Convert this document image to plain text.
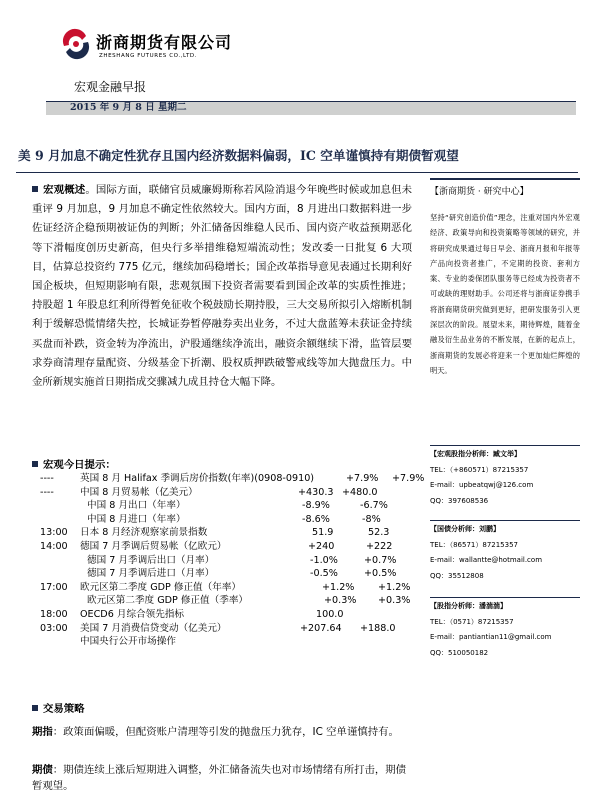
浙商期货有限公司
ZHESHANG FUTURES CO.,LTD.
宏观金融早报
2015 年 9 月 8 日 星期二
美 9 月加息不确定性犹存且国内经济数据料偏弱，IC 空单谨慎持有期债暂观望
宏观概述。国际方面，联储官员威廉姆斯称若风险消退今年晚些时候或加息但未重评 9 月加息，9 月加息不确定性依然较大。国内方面，8 月进出口数据料进一步佐证经济企稳预期被证伪的判断；外汇储备因维稳人民币、国内资产收益预期恶化等下滑幅度创历史新高，但央行多举措维稳短端流动性；发改委一日批复 6 大项目，估算总投资约 775 亿元，继续加码稳增长；国企改革指导意见表通过长期利好国企板块，但短期影响有限，悲观氛围下投资者需要看到国企改革的实质性推进；持股超 1 年股息红利所得暂免征收个税鼓励长期持股，三大交易所拟引入熔断机制利于缓解恐慌情绪失控，长城证券暂停融券卖出业务，不过大盘蓝筹未获证金持续买盘而补跌，资金转为净流出，沪股通继续净流出，融资余额继续下滑，监管层要求券商清理存量配资、分级基金下折潮、股权质押跌破警戒线等加大抛盘压力。中金所新规实施首日期指成交骤减九成且持仓大幅下降。
宏观今日提示：
----	英国 8 月 Halifax 季调后房价指数(年率)(0908-0910)	+7.9% +7.9%
----	中国 8 月贸易帐（亿美元）	+430.3 +480.0
中国 8 月出口（年率）	-8.9%	-6.7%
中国 8 月进口（年率）	-8.6%	-8%
13:00 日本 8 月经济观察家前景指数	51.9	52.3
14:00 德国 7 月季调后贸易帐（亿欧元）	+240	+222
德国 7 月季调后出口（月率）	-1.0%	+0.7%
德国 7 月季调后进口（月率）	-0.5%	+0.5%
17:00 欧元区第二季度 GDP 修正值（年率）	+1.2% +1.2%
欧元区第二季度 GDP 修正值（季率）	+0.3% +0.3%
18:00 OECD6 月综合领先指标	100.0
03:00 美国 7 月消费信贷变动（亿美元）	+207.64 +188.0
中国央行公开市场操作
交易策略
期指：政策面偏暖，但配资账户清理等引发的抛盘压力犹存，IC 空单谨慎持有。
期债：期债连续上涨后短期进入调整，外汇储备流失也对市场情绪有所打击，期债暂观望。
【浙商期货 · 研究中心】
坚持“研究创造价值”理念，注重对国内外宏观经济、政策导向和投资策略等领域的研究，并将研究成果通过每日早会、浙商月报和年报等产品向投资者推广，不定期的投资、套利方案、专业的委保团队服务等已经成为投资者不可或缺的理财助手。公司还将与浙商证券携手将浙商期货研究做到更好，把研发服务引入更深层次的阶段。展望未来，期待辉煌，随着金融及衍生品业务的不断发展，在新的起点上，浙商期货的发展必将迎来一个更加灿烂辉煌的明天。
【宏观股指分析师：臧文举】
TEL：（+860571）87215357
E-mail：upbeatqwj@126.com
QQ：397608536
【国债分析师：刘鹏】
TEL：（86571）87215357
E-mail：wallantte@hotmail.com
QQ：35512808
【股指分析师：潘湍湍】
TEL：（0571）87215357
E-mail：pantiantian11@gmail.com
QQ：510050182
